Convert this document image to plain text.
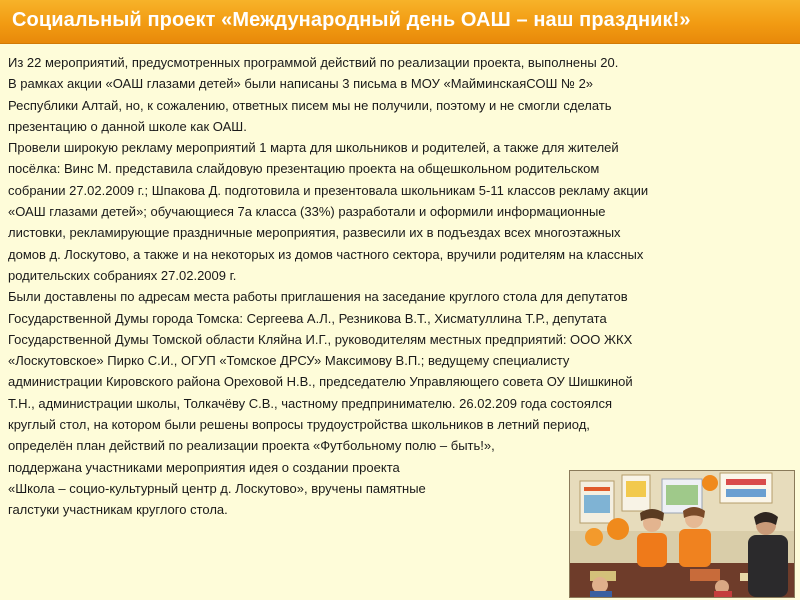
Социальный проект «Международный день ОАШ – наш праздник!»
Из 22 мероприятий, предусмотренных программой действий по реализации проекта, выполнены 20.
В рамках акции «ОАШ глазами детей» были написаны 3 письма в МОУ «МайминскаяСОШ № 2»
Республики Алтай, но, к сожалению, ответных писем мы не получили, поэтому и не смогли сделать
презентацию о данной школе как ОАШ.
Провели широкую рекламу мероприятий 1 марта для школьников и родителей, а также для жителей
посёлка: Винс М. представила слайдовую презентацию проекта на общешкольном родительском
собрании 27.02.2009 г.; Шпакова Д. подготовила и презентовала школьникам 5-11 классов рекламу акции
«ОАШ глазами детей»; обучающиеся 7а класса (33%) разработали и оформили информационные
листовки, рекламирующие праздничные мероприятия, развесили их в подъездах всех многоэтажных
домов д. Лоскутово, а также и на некоторых из домов частного сектора, вручили родителям на классных
родительских собраниях 27.02.2009 г.
Были доставлены по адресам места работы приглашения на заседание круглого стола для депутатов
Государственной Думы города Томска: Сергеева А.Л., Резникова В.Т., Хисматуллина Т.Р., депутата
Государственной Думы Томской области Кляйна И.Г., руководителям местных предприятий: ООО ЖКХ
«Лоскутовское» Пирко С.И., ОГУП «Томское ДРСУ» Максимову В.П.; ведущему специалисту
администрации Кировского района Ореховой Н.В., председателю Управляющего совета ОУ Шишкиной
Т.Н., администрации школы, Толкачёву С.В., частному предпринимателю. 26.02.209 года состоялся
круглый стол, на котором были решены вопросы трудоустройства школьников в летний период,
определён план действий по реализации проекта «Футбольному полю – быть!»,
поддержана участниками мероприятия идея о создании проекта
«Школа – социо-культурный центр д. Лоскутово», вручены памятные
галстуки участникам круглого стола.
